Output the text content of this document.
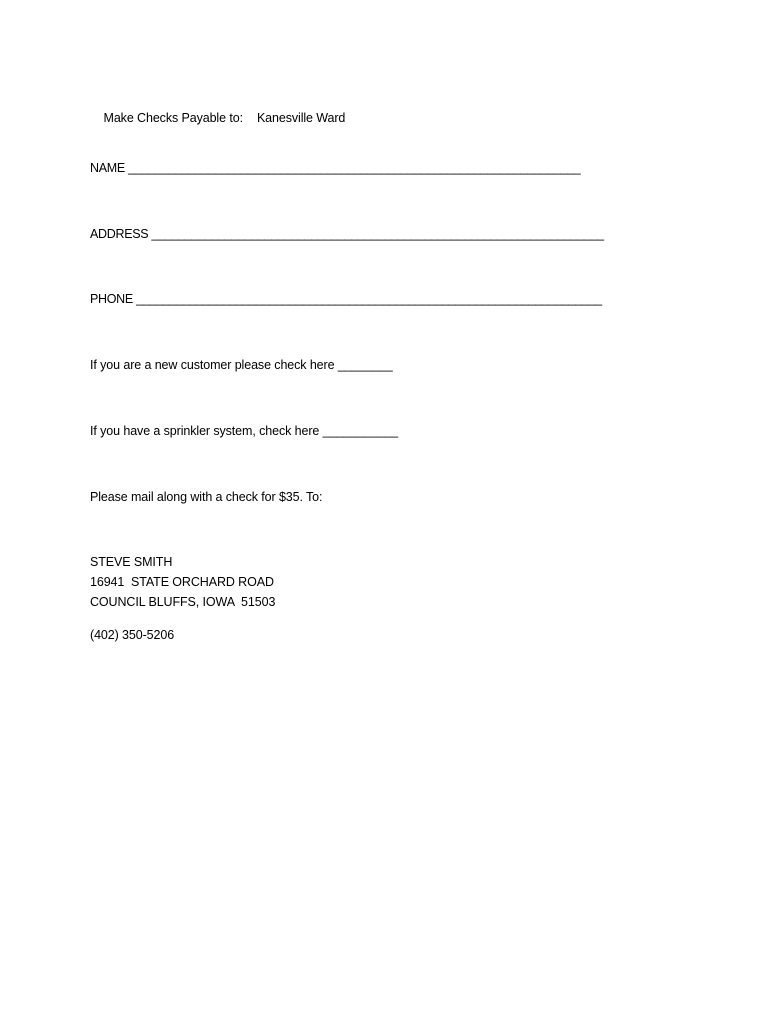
Make Checks Payable to: Kanesville Ward

NAME ____________________________________________________________________
ADDRESS ____________________________________________________________________
PHONE ______________________________________________________________________
If you are a new customer please check here ________
If you have a sprinkler system, check here ___________
Please mail along with a check for $35. To:
STEVE SMITH
16941  STATE ORCHARD ROAD
COUNCIL BLUFFS, IOWA  51503
(402) 350-5206
